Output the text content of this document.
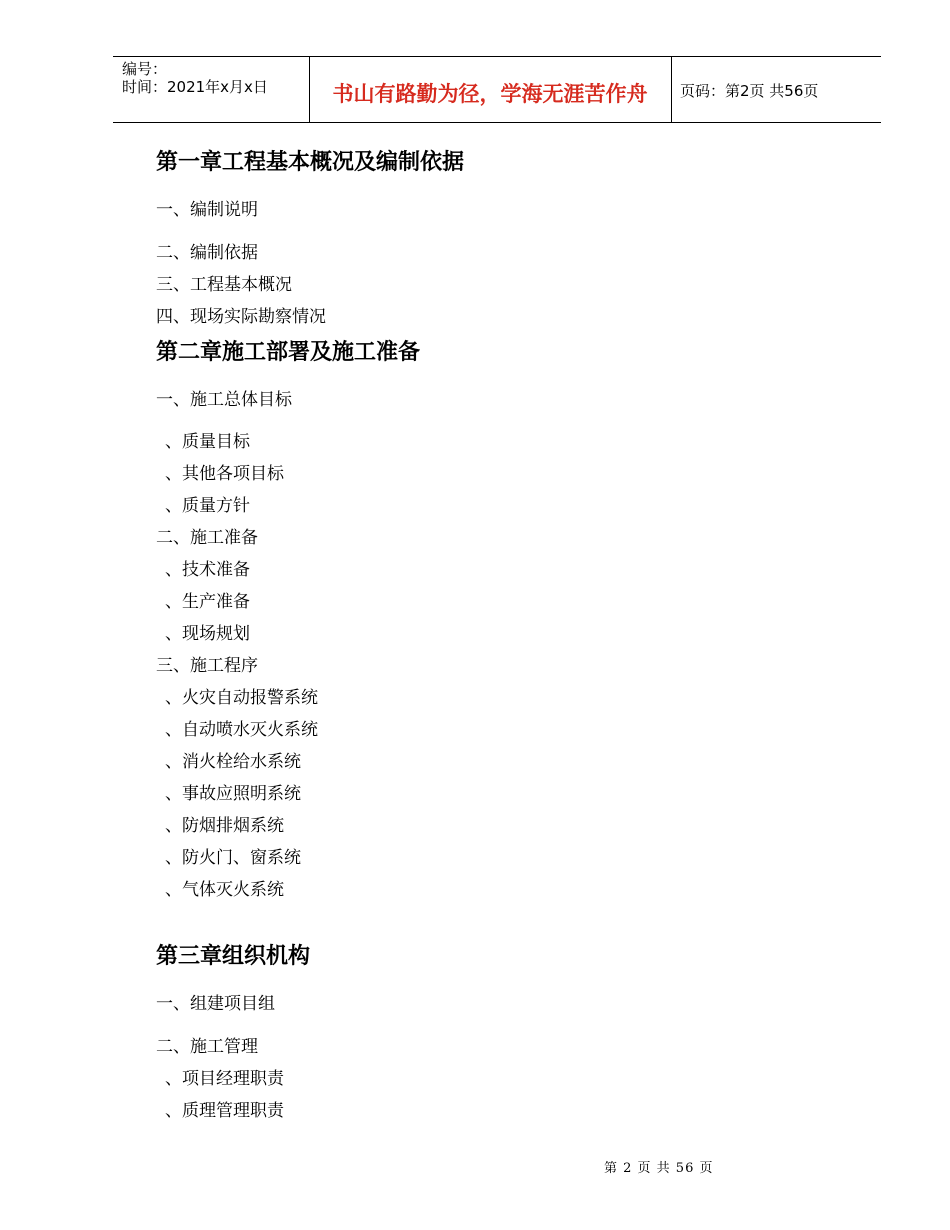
编号：
时间：2021年x月x日	书山有路勤为径，学海无涯苦作舟	页码：第2页 共56页
第一章工程基本概况及编制依据
一、编制说明
二、编制依据
三、工程基本概况
四、现场实际勘察情况
第二章施工部署及施工准备
一、施工总体目标
、质量目标
、其他各项目标
、质量方针
二、施工准备
、技术准备
、生产准备
、现场规划
三、施工程序
、火灾自动报警系统
、自动喷水灭火系统
、消火栓给水系统
、事故应照明系统
、防烟排烟系统
、防火门、窗系统
、气体灭火系统
第三章组织机构
一、组建项目组
二、施工管理
、项目经理职责
、质理管理职责
第 2 页 共 56 页
